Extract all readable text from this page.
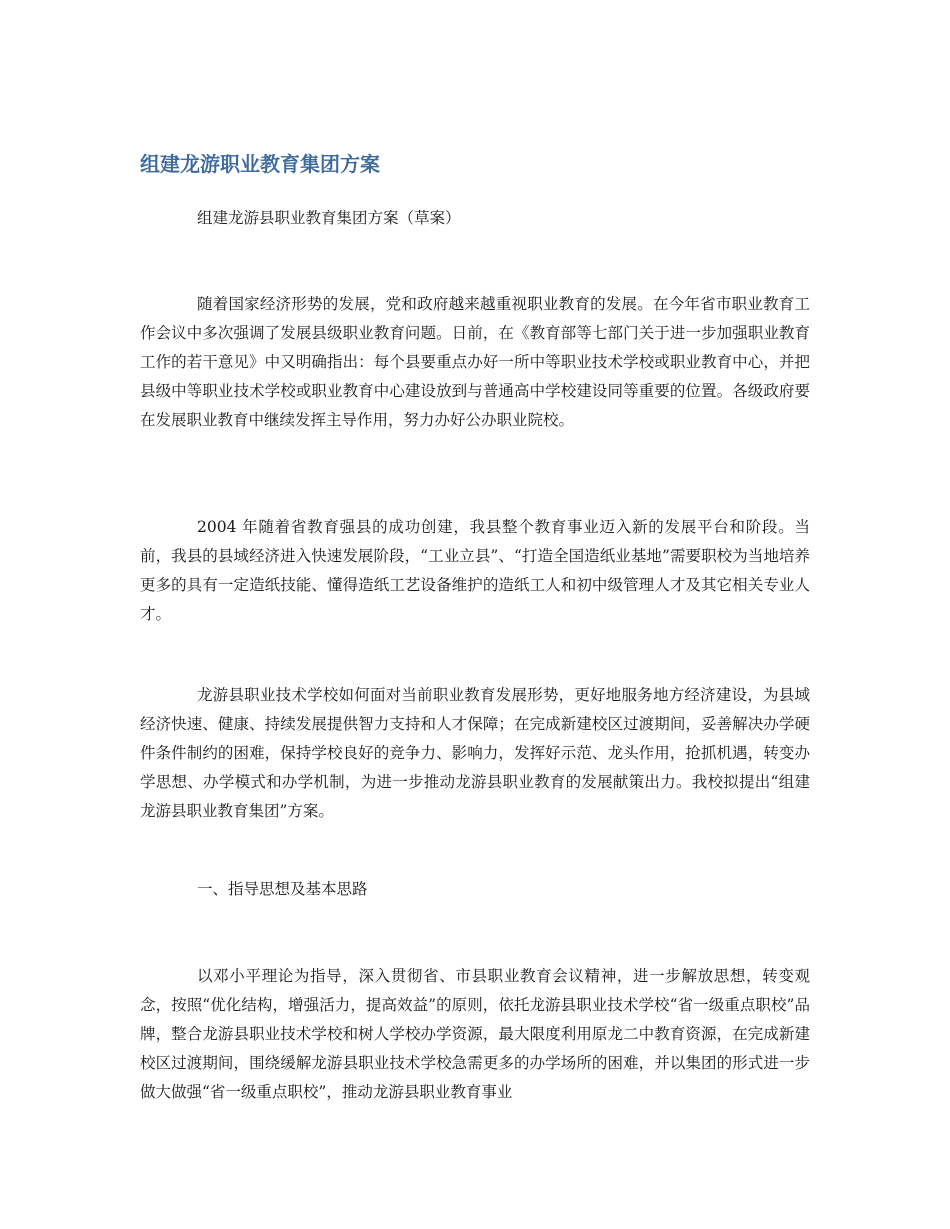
组建龙游职业教育集团方案

组建龙游县职业教育集团方案（草案）

随着国家经济形势的发展，党和政府越来越重视职业教育的发展。在今年省市职业教育工作会议中多次强调了发展县级职业教育问题。日前，在《教育部等七部门关于进一步加强职业教育工作的若干意见》中又明确指出：每个县要重点办好一所中等职业技术学校或职业教育中心，并把县级中等职业技术学校或职业教育中心建设放到与普通高中学校建设同等重要的位置。各级政府要在发展职业教育中继续发挥主导作用，努力办好公办职业院校。

2004 年随着省教育强县的成功创建，我县整个教育事业迈入新的发展平台和阶段。当前，我县的县域经济进入快速发展阶段，“工业立县”、“打造全国造纸业基地”需要职校为当地培养更多的具有一定造纸技能、懂得造纸工艺设备维护的造纸工人和初中级管理人才及其它相关专业人才。

龙游县职业技术学校如何面对当前职业教育发展形势，更好地服务地方经济建设，为县域经济快速、健康、持续发展提供智力支持和人才保障；在完成新建校区过渡期间，妥善解决办学硬件条件制约的困难，保持学校良好的竞争力、影响力，发挥好示范、龙头作用，抢抓机遇，转变办学思想、办学模式和办学机制，为进一步推动龙游县职业教育的发展献策出力。我校拟提出“组建龙游县职业教育集团”方案。

一、指导思想及基本思路

以邓小平理论为指导，深入贯彻省、市县职业教育会议精神，进一步解放思想，转变观念，按照“优化结构，增强活力，提高效益”的原则，依托龙游县职业技术学校“省一级重点职校”品牌，整合龙游县职业技术学校和树人学校办学资源，最大限度利用原龙二中教育资源，在完成新建校区过渡期间，围绕缓解龙游县职业技术学校急需更多的办学场所的困难，并以集团的形式进一步做大做强“省一级重点职校”，推动龙游县职业教育事业
